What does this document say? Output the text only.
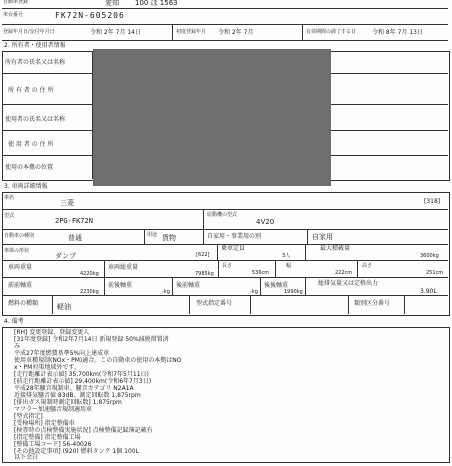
自動車登録	愛知 100 ほ 1563
車台番号	FK72N-605206
登録年月日/交付年月日	令和 2年 7月 14日	初度登録年月 令和 2年 7月	有効期間の満了する日	令和 8年 7月 13日
2. 所有者・使用者情報
所有者の氏名又は名称
所 有 者 の 住 所
使用者の氏名又は名称
使 用 者 の 住 所
使用の本拠の位置
3. 車両詳細情報
車名
三菱	[318]
型式
2PG-FK72N
原動機の型式
4V20
自動車の種別	普通	用途 貨物	自家用・事業用の別	自家用
車体の形状
ダンプ	[622]
乗車定員
3人
最大積載量
3600kg
車両重量
4220kg
車両総重量
7985kg
長さ
536cm
幅
222cm
高さ
251cm
前前軸重
2230kg
前後軸重
-kg
後前軸重
-kg
後後軸重
1990kg
総排気量又は定格出力
3.90L
燃料の種類	軽油	型式指定番号	類別区分番号
4. 備考
[RH] 変更登録、登録変更人
[31年度登録] 令和2年7月14日 新規登録 50%減税措置済
み
平成27年度燃費基準5%向上達成車
使用車種規制(NOx・PM)適合。この自動車の使用の本拠はNO
x・PM対策地域外です。
[走行距離計表示値] 35,700km(令和7年5月11日)
[前走行距離計表示値] 29,400km(令和6年7月3日)
平成28年騒音規制車、騒音カテゴリ N2A1A
近接排気騒音値 83dB、測定回転数 1,875rpm
[排出ガス規制時測定回転数] 1,875rpm
マフラー加速騒音規制適用車
[型式指定]
[受検場所] 指定整備車
[検査時の点検整備実施状況] 点検整備記録簿記載有
[指定整備] 指定整備工場
[整備工場コード] 56-40026
[その他設定事項] (920) 燃料タンク 1個 100L
以下余白
